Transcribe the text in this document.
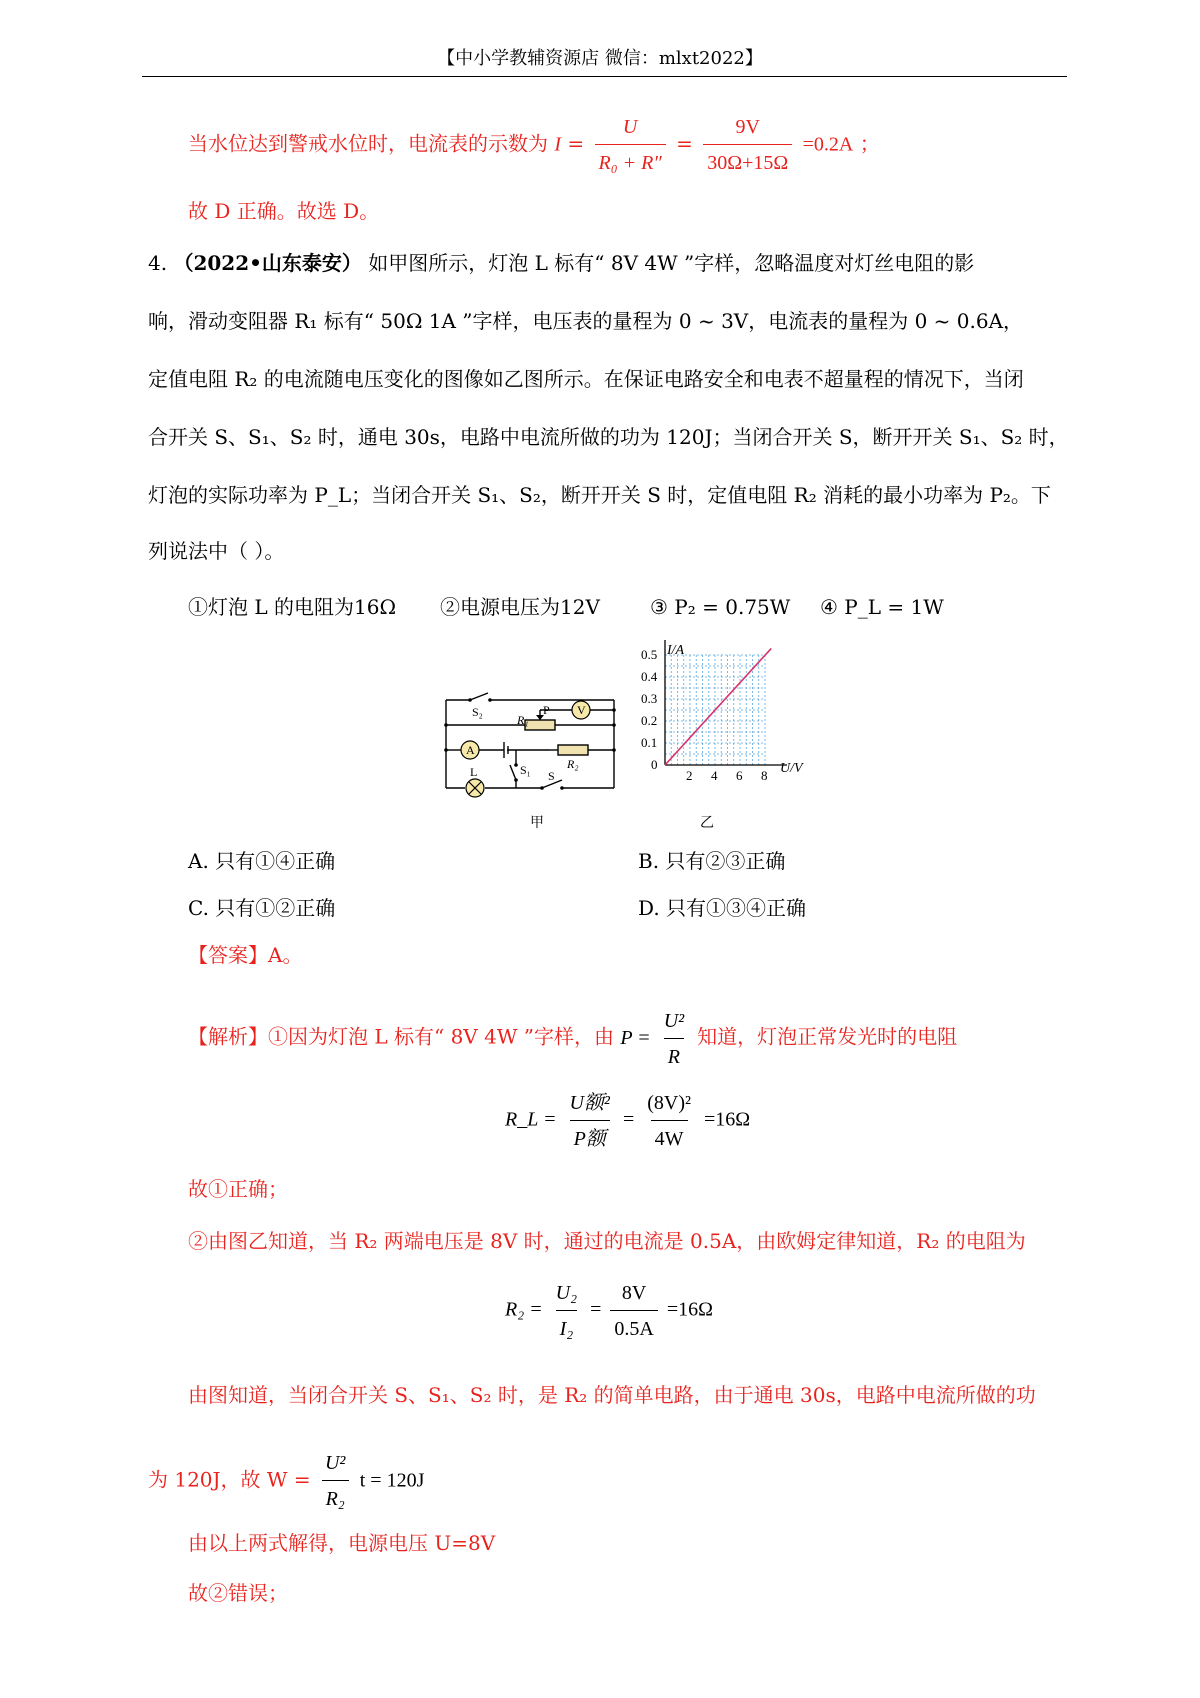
【中小学教辅资源店 微信：mlxt2022】
当水位达到警戒水位时，电流表的示数为 $I = \frac{U}{\text{R₀ + R″}} = \frac{9V}{30\Omega+15\Omega} =0.2A$ ；
故 D 正确。故选 D。
4. （2022•山东泰安） 如甲图所示，灯泡 L 标有“ 8V 4W ”字样，忽略温度对灯丝电阻的影
响，滑动变阻器 R₁ 标有“ 50Ω 1A ”字样，电压表的量程为 0 ~ 3V，电流表的量程为 0 ~ 0.6A，
定值电阻 R₂ 的电流随电压变化的图像如乙图所示。在保证电路安全和电表不超量程的情况下，当闭
合开关 S、S₁、S₂ 时，通电 30s，电路中电流所做的功为 120J；当闭合开关 S，断开开关 S₁、S₂ 时，
灯泡的实际功率为 P_L；当闭合开关 S₁、S₂，断开开关 S 时，定值电阻 R₂ 消耗的最小功率为 P₂。下
列说法中（ ）。
①灯泡 L 的电阻为16Ω ②电源电压为12V	③ P₂ = 0.75W ④ P_L = 1W
S₂
R₁
P V
A
R₂
L	S₁ S
甲
2 4 6 8
0.1
0.2
0.3
0.4
0.5
0
I/A
U/V
乙
A. 只有①④正确	B. 只有②③正确
C. 只有①②正确	D. 只有①③④正确
【答案】A。
【解析】①因为灯泡 L 标有“ 8V 4W ”字样，由 $P = \frac{\text{U²}}{R}$ 知道，灯泡正常发光时的电阻
R_L = $\frac{\text{U额²}}{\text{P额}} = \frac{\text{(8V)²}}{4W} =16\Omega$
故①正确；
②由图乙知道，当 R₂ 两端电压是 8V 时，通过的电流是 0.5A，由欧姆定律知道，R₂ 的电阻为
$R_2 = \frac{\text{U₂}}{\text{I₂}} = \frac{8V}{0.5A} =16\Omega$
由图知道，当闭合开关 S、S₁、S₂ 时，是 R₂ 的简单电路，由于通电 30s，电路中电流所做的功
为 120J，故 $W = \frac{\text{U²}}{\text{R₂}}$ t = 120J
由以上两式解得，电源电压 U=8V
故②错误；
